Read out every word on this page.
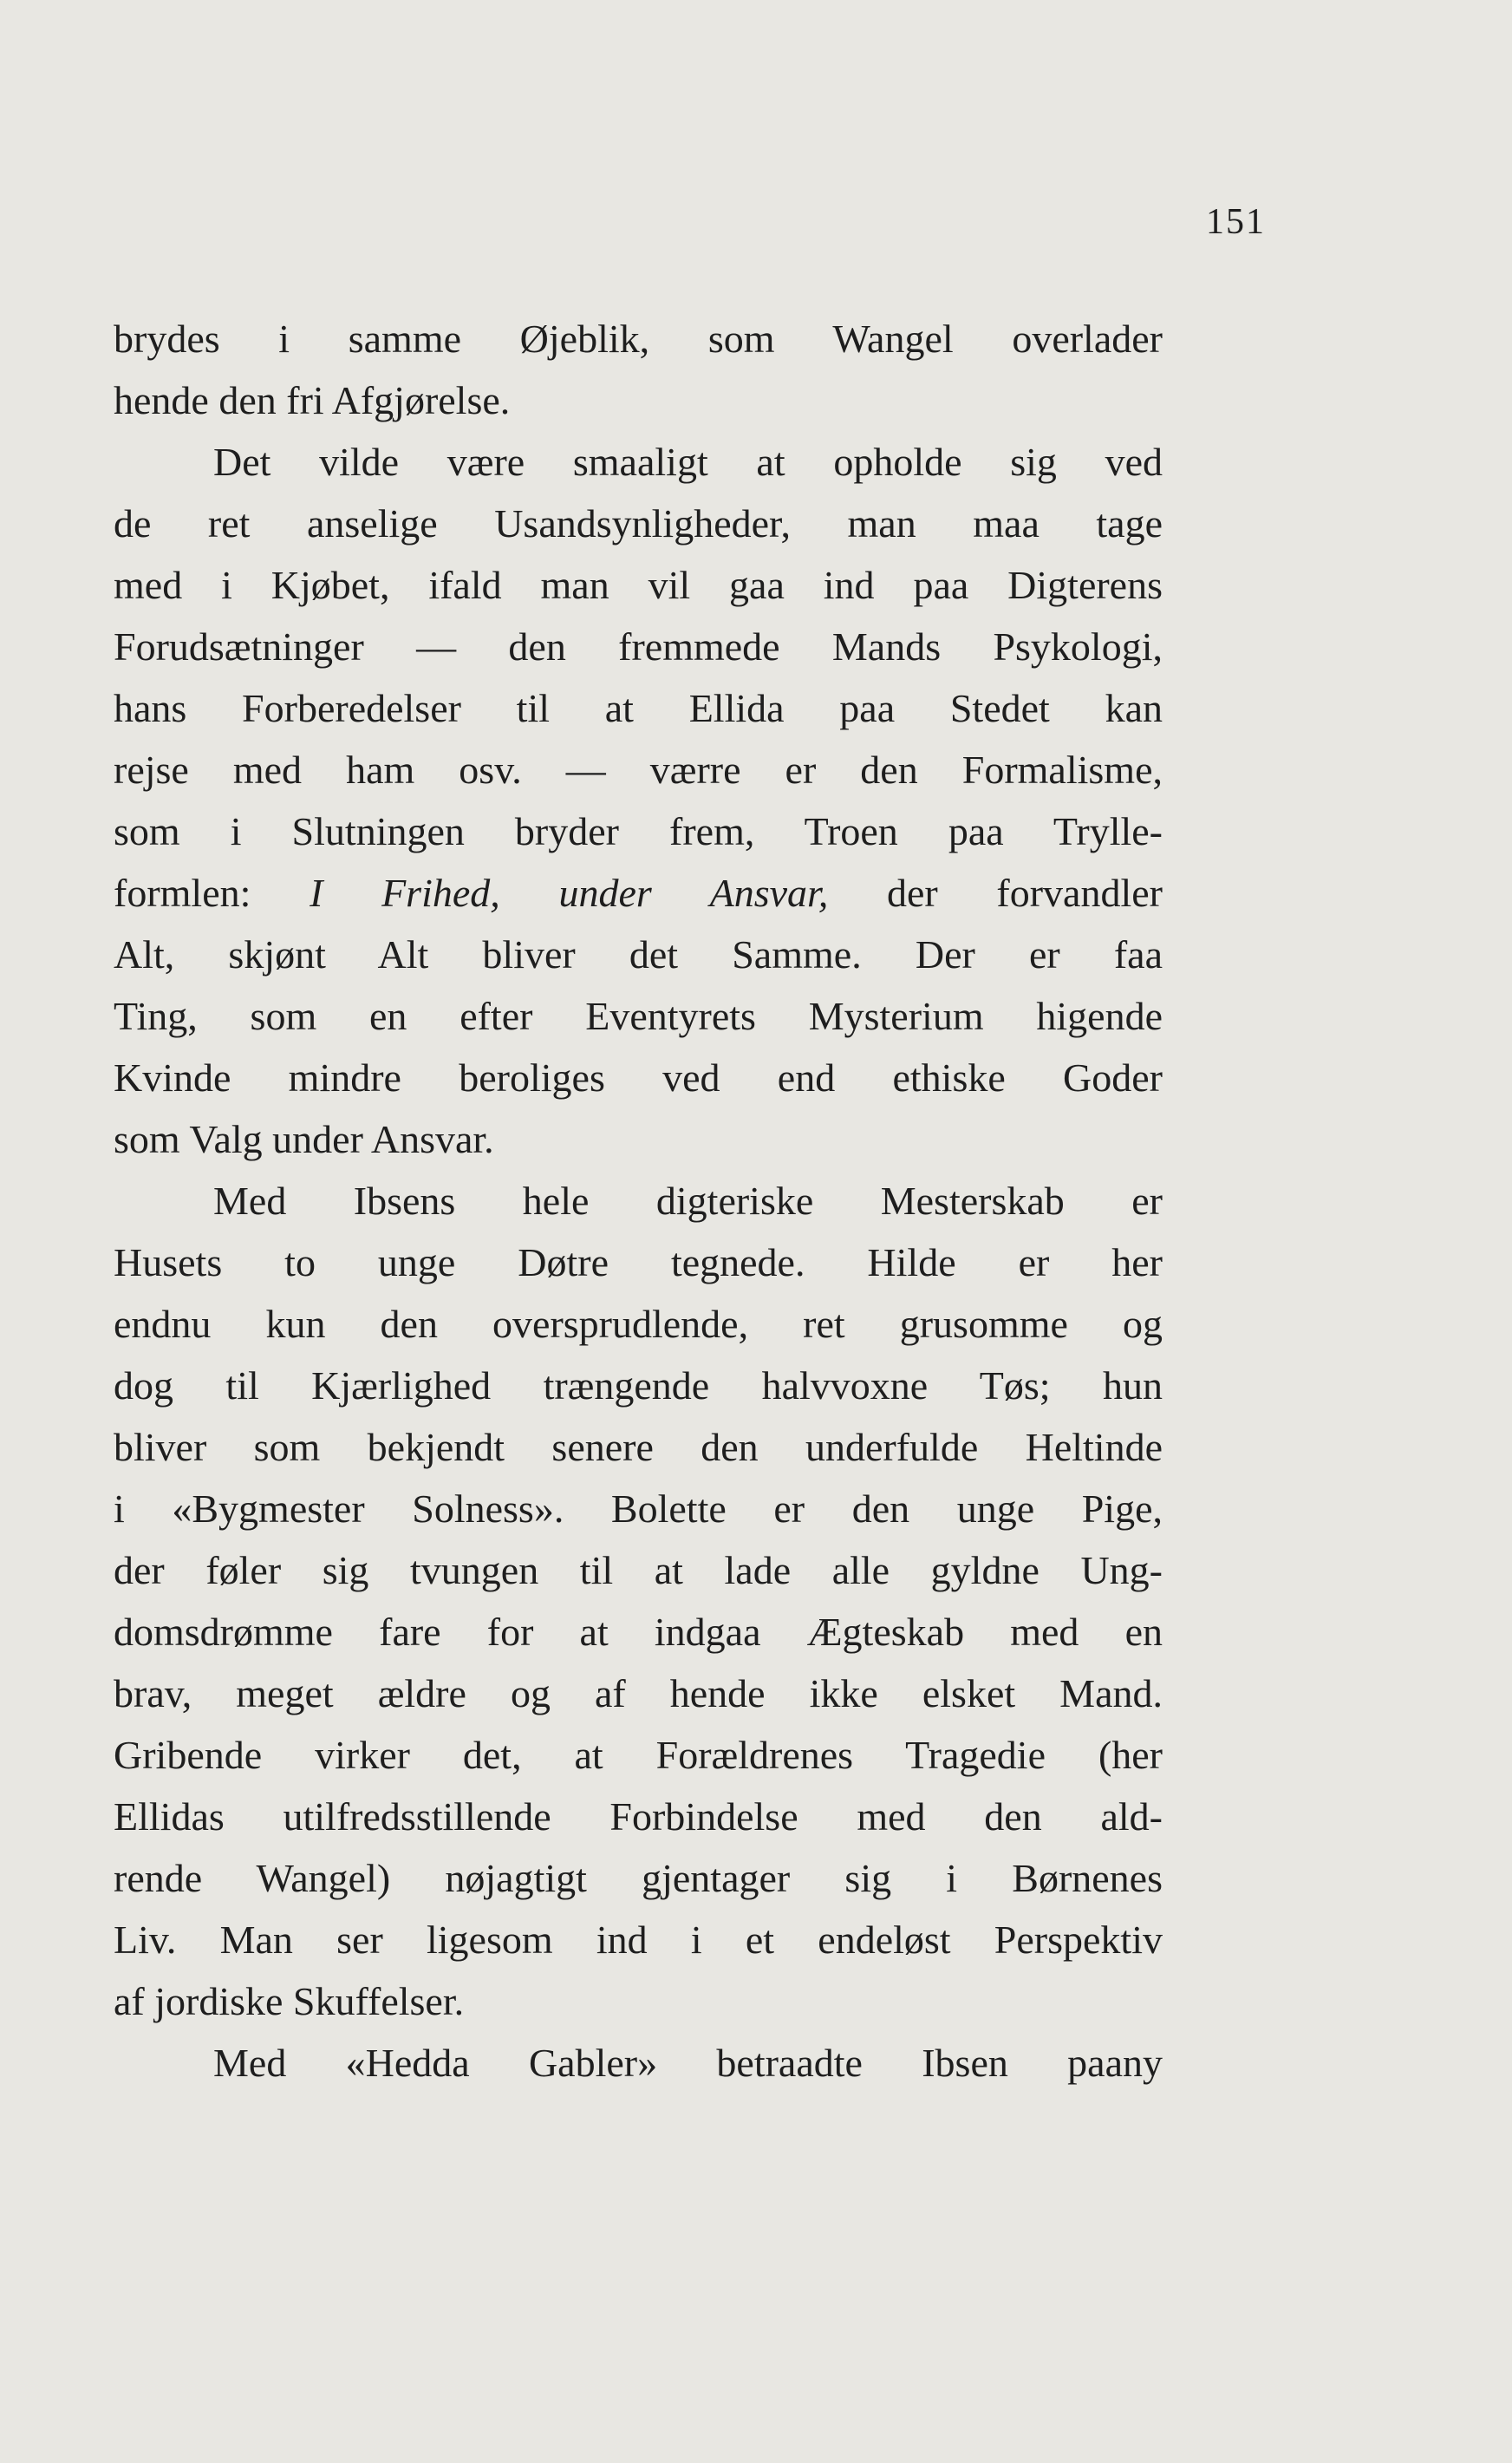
151
brydes i samme Øjeblik, som Wangel overlader
hende den fri Afgjørelse.
Det vilde være smaaligt at opholde sig ved
de ret anselige Usandsynligheder, man maa tage
med i Kjøbet, ifald man vil gaa ind paa Digterens
Forudsætninger — den fremmede Mands Psykologi,
hans Forberedelser til at Ellida paa Stedet kan
rejse med ham osv. — værre er den Formalisme,
som i Slutningen bryder frem, Troen paa Trylle-
formlen: I Frihed, under Ansvar, der forvandler
Alt, skjønt Alt bliver det Samme. Der er faa
Ting, som en efter Eventyrets Mysterium higende
Kvinde mindre beroliges ved end ethiske Goder
som Valg under Ansvar.
Med Ibsens hele digteriske Mesterskab er
Husets to unge Døtre tegnede. Hilde er her
endnu kun den oversprudlende, ret grusomme og
dog til Kjærlighed trængende halvvoxne Tøs; hun
bliver som bekjendt senere den underfulde Heltinde
i «Bygmester Solness». Bolette er den unge Pige,
der føler sig tvungen til at lade alle gyldne Ung-
domsdrømme fare for at indgaa Ægteskab med en
brav, meget ældre og af hende ikke elsket Mand.
Gribende virker det, at Forældrenes Tragedie (her
Ellidas utilfredsstillende Forbindelse med den ald-
rende Wangel) nøjagtigt gjentager sig i Børnenes
Liv. Man ser ligesom ind i et endeløst Perspektiv
af jordiske Skuffelser.
Med «Hedda Gabler» betraadte Ibsen paany
